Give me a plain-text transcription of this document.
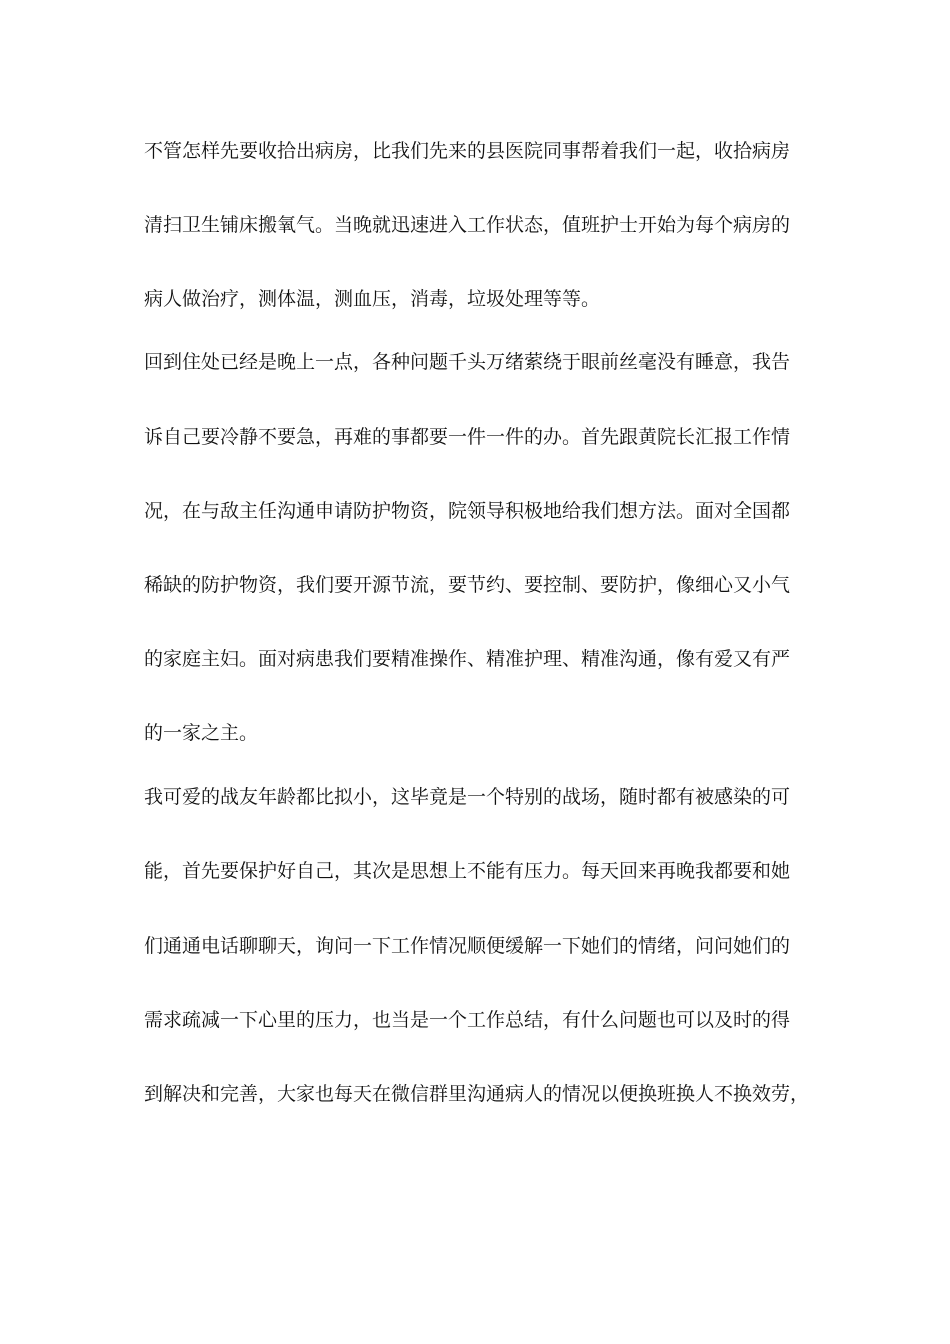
不管怎样先要收拾出病房，比我们先来的县医院同事帮着我们一起，收拾病房
清扫卫生铺床搬氧气。当晚就迅速进入工作状态，值班护士开始为每个病房的
病人做治疗，测体温，测血压，消毒，垃圾处理等等。
回到住处已经是晚上一点，各种问题千头万绪萦绕于眼前丝毫没有睡意，我告
诉自己要冷静不要急，再难的事都要一件一件的办。首先跟黄院长汇报工作情
况，在与敌主任沟通申请防护物资，院领导积极地给我们想方法。面对全国都
稀缺的防护物资，我们要开源节流，要节约、要控制、要防护，像细心又小气
的家庭主妇。面对病患我们要精准操作、精准护理、精准沟通，像有爱又有严
的一家之主。
我可爱的战友年龄都比拟小，这毕竟是一个特别的战场，随时都有被感染的可
能，首先要保护好自己，其次是思想上不能有压力。每天回来再晚我都要和她
们通通电话聊聊天，询问一下工作情况顺便缓解一下她们的情绪，问问她们的
需求疏减一下心里的压力，也当是一个工作总结，有什么问题也可以及时的得
到解决和完善，大家也每天在微信群里沟通病人的情况以便换班换人不换效劳，
